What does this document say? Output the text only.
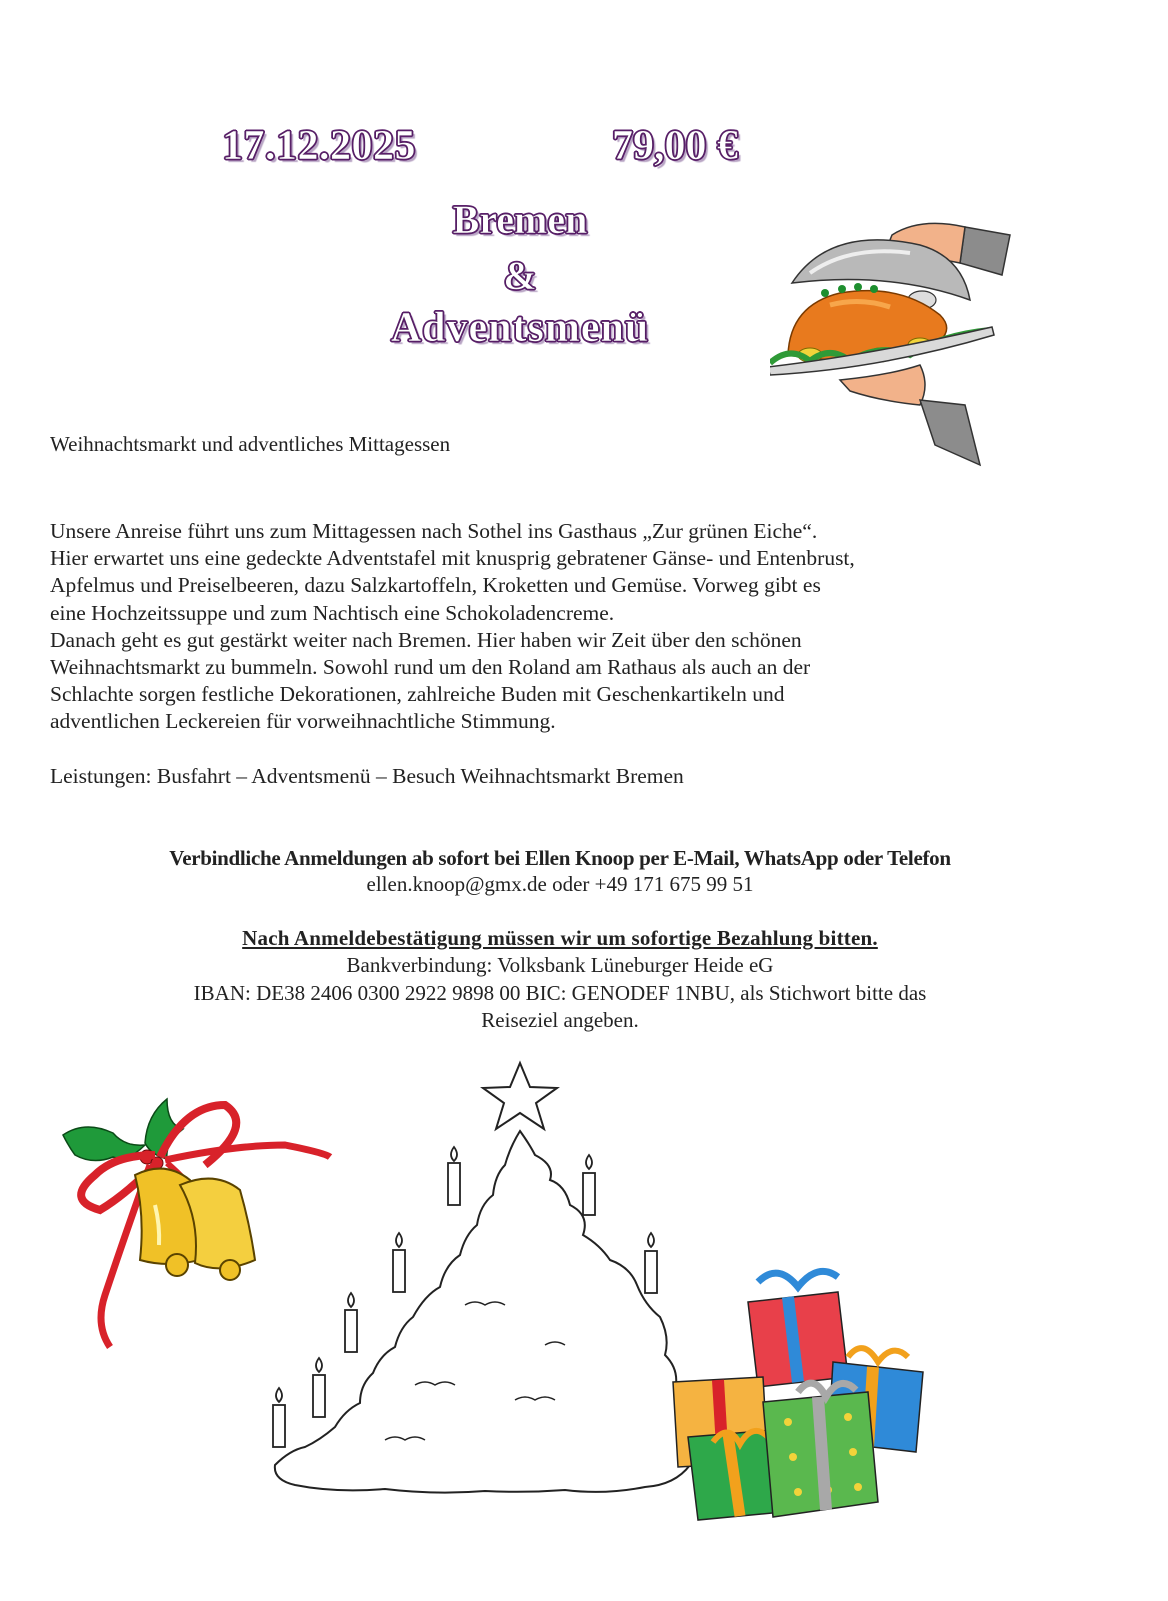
17.12.2025	79,00 €
Bremen
&
Adventsmenü
Weihnachtsmarkt und adventliches Mittagessen

Unsere Anreise führt uns zum Mittagessen nach Sothel ins Gasthaus „Zur grünen Eiche“.

Hier erwartet uns eine gedeckte Adventstafel mit knusprig gebratener Gänse- und Entenbrust,

Apfelmus und Preiselbeeren, dazu Salzkartoffeln, Kroketten und Gemüse. Vorweg gibt es

eine Hochzeitssuppe und zum Nachtisch eine Schokoladencreme.

Danach geht es gut gestärkt weiter nach Bremen. Hier haben wir Zeit über den schönen

Weihnachtsmarkt zu bummeln. Sowohl rund um den Roland am Rathaus als auch an der

Schlachte sorgen festliche Dekorationen, zahlreiche Buden mit Geschenkartikeln und

adventlichen Leckereien für vorweihnachtliche Stimmung.

Leistungen: Busfahrt – Adventsmenü – Besuch Weihnachtsmarkt Bremen
Verbindliche Anmeldungen ab sofort bei Ellen Knoop per E-Mail, WhatsApp oder Telefon
ellen.knoop@gmx.de oder +49 171 675 99 51
Nach Anmeldebestätigung müssen wir um sofortige Bezahlung bitten.
Bankverbindung: Volksbank Lüneburger Heide eG
IBAN: DE38 2406 0300 2922 9898 00 BIC: GENODEF 1NBU, als Stichwort bitte das
Reiseziel angeben.
